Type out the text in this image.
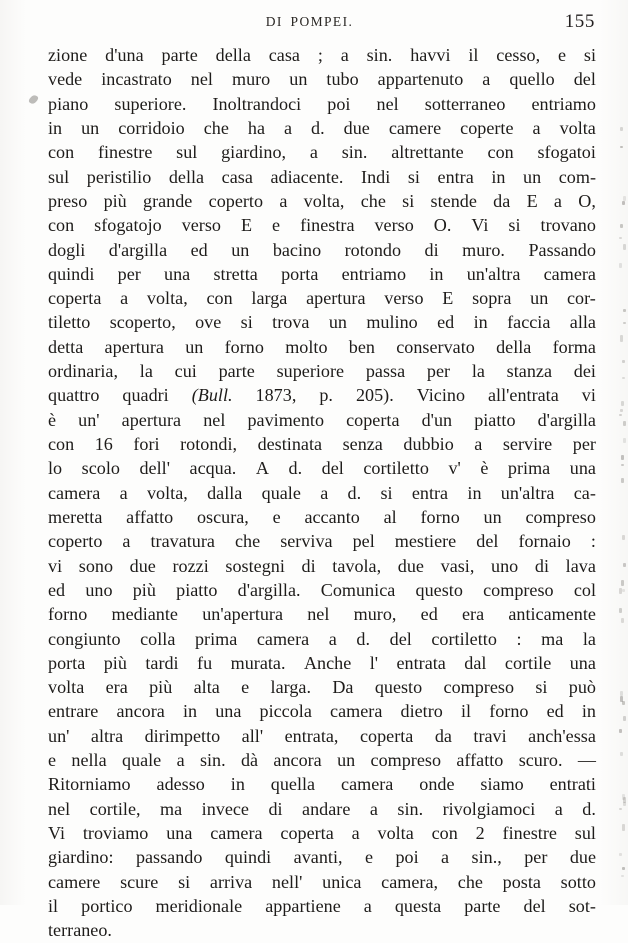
DI POMPEI.	155
zione d'una parte della casa ; a sin. havvi il cesso, e si
vede incastrato nel muro un tubo appartenuto a quello del
piano superiore. Inoltrandoci poi nel sotterraneo entriamo
in un corridoio che ha a d. due camere coperte a volta
con finestre sul giardino, a sin. altrettante con sfogatoi
sul peristilio della casa adiacente. Indi si entra in un com-
preso più grande coperto a volta, che si stende da E a O,
con sfogatojo verso E e finestra verso O. Vi si trovano
dogli d'argilla ed un bacino rotondo di muro. Passando
quindi per una stretta porta entriamo in un'altra camera
coperta a volta, con larga apertura verso E sopra un cor-
tiletto scoperto, ove si trova un mulino ed in faccia alla
detta apertura un forno molto ben conservato della forma
ordinaria, la cui parte superiore passa per la stanza dei
quattro quadri (Bull. 1873, p. 205). Vicino all'entrata vi
è un' apertura nel pavimento coperta d'un piatto d'argilla
con 16 fori rotondi, destinata senza dubbio a servire per
lo scolo dell' acqua. A d. del cortiletto v' è prima una
camera a volta, dalla quale a d. si entra in un'altra ca-
meretta affatto oscura, e accanto al forno un compreso
coperto a travatura che serviva pel mestiere del fornaio :
vi sono due rozzi sostegni di tavola, due vasi, uno di lava
ed uno più piatto d'argilla. Comunica questo compreso col
forno mediante un'apertura nel muro, ed era anticamente
congiunto colla prima camera a d. del cortiletto : ma la
porta più tardi fu murata. Anche l' entrata dal cortile una
volta era più alta e larga. Da questo compreso si può
entrare ancora in una piccola camera dietro il forno ed in
un' altra dirimpetto all' entrata, coperta da travi anch'essa
e nella quale a sin. dà ancora un compreso affatto scuro. —
Ritorniamo adesso in quella camera onde siamo entrati
nel cortile, ma invece di andare a sin. rivolgiamoci a d.
Vi troviamo una camera coperta a volta con 2 finestre sul
giardino: passando quindi avanti, e poi a sin., per due
camere scure si arriva nell' unica camera, che posta sotto
il portico meridionale appartiene a questa parte del sot-
terraneo.
